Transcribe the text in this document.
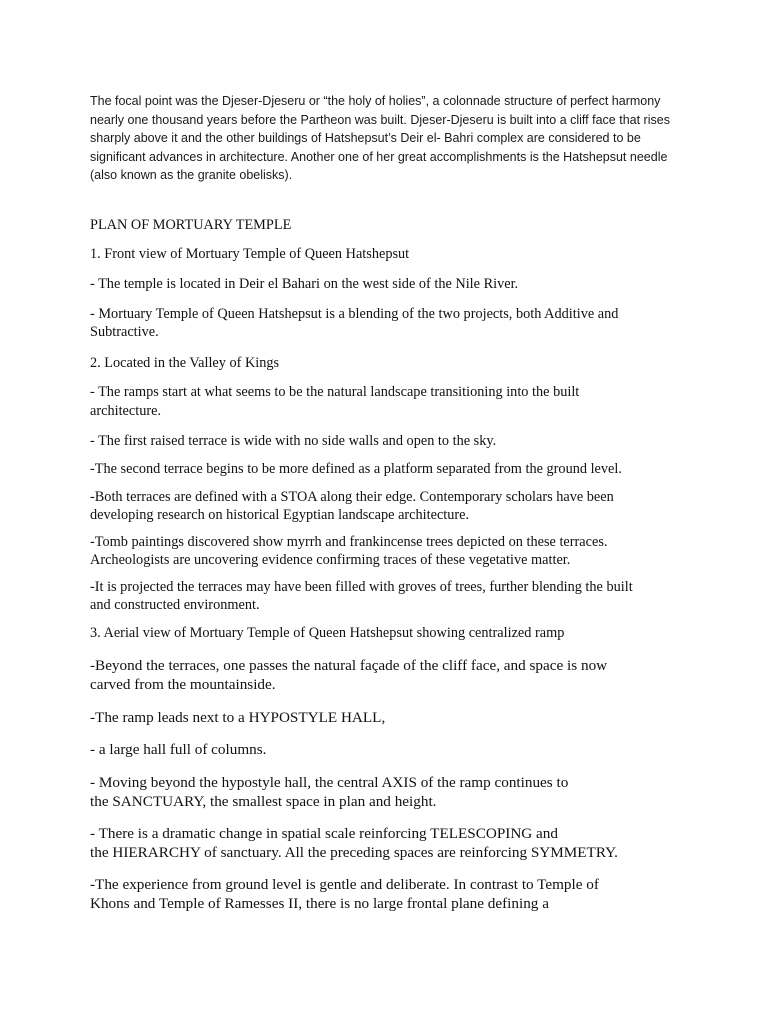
The focal point was the Djeser-Djeseru or “the holy of holies”, a colonnade structure of perfect harmony nearly one thousand years before the Partheon was built. Djeser-Djeseru is built into a cliff face that rises sharply above it and the other buildings of Hatshepsut’s Deir el- Bahri complex are considered to be significant advances in architecture. Another one of her great accomplishments is the Hatshepsut needle (also known as the granite obelisks).

PLAN OF MORTUARY TEMPLE

1. Front view of Mortuary Temple of Queen Hatshepsut

- The temple is located in Deir el Bahari on the west side of the Nile River.

- Mortuary Temple of Queen Hatshepsut is a blending of the two projects, both Additive and

Subtractive.

2. Located in the Valley of Kings

- The ramps start at what seems to be the natural landscape transitioning into the built

architecture.

- The first raised terrace is wide with no side walls and open to the sky.

-The second terrace begins to be more defined as a platform separated from the ground level.

-Both terraces are defined with a STOA along their edge. Contemporary scholars have been

developing research on historical Egyptian landscape architecture.

-Tomb paintings discovered show myrrh and frankincense trees depicted on these terraces.

Archeologists are uncovering evidence confirming traces of these vegetative matter.

-It is projected the terraces may have been filled with groves of trees, further blending the built

and constructed environment.

3. Aerial view of Mortuary Temple of Queen Hatshepsut showing centralized ramp

-Beyond the terraces, one passes the natural façade of the cliff face, and space is now

carved from the mountainside.

-The ramp leads next to a HYPOSTYLE HALL,

- a large hall full of columns.

- Moving beyond the hypostyle hall, the central AXIS of the ramp continues to

the SANCTUARY, the smallest space in plan and height.

- There is a dramatic change in spatial scale reinforcing TELESCOPING and

the HIERARCHY of sanctuary. All the preceding spaces are reinforcing SYMMETRY.

-The experience from ground level is gentle and deliberate. In contrast to Temple of

Khons and Temple of Ramesses II, there is no large frontal plane defining a
